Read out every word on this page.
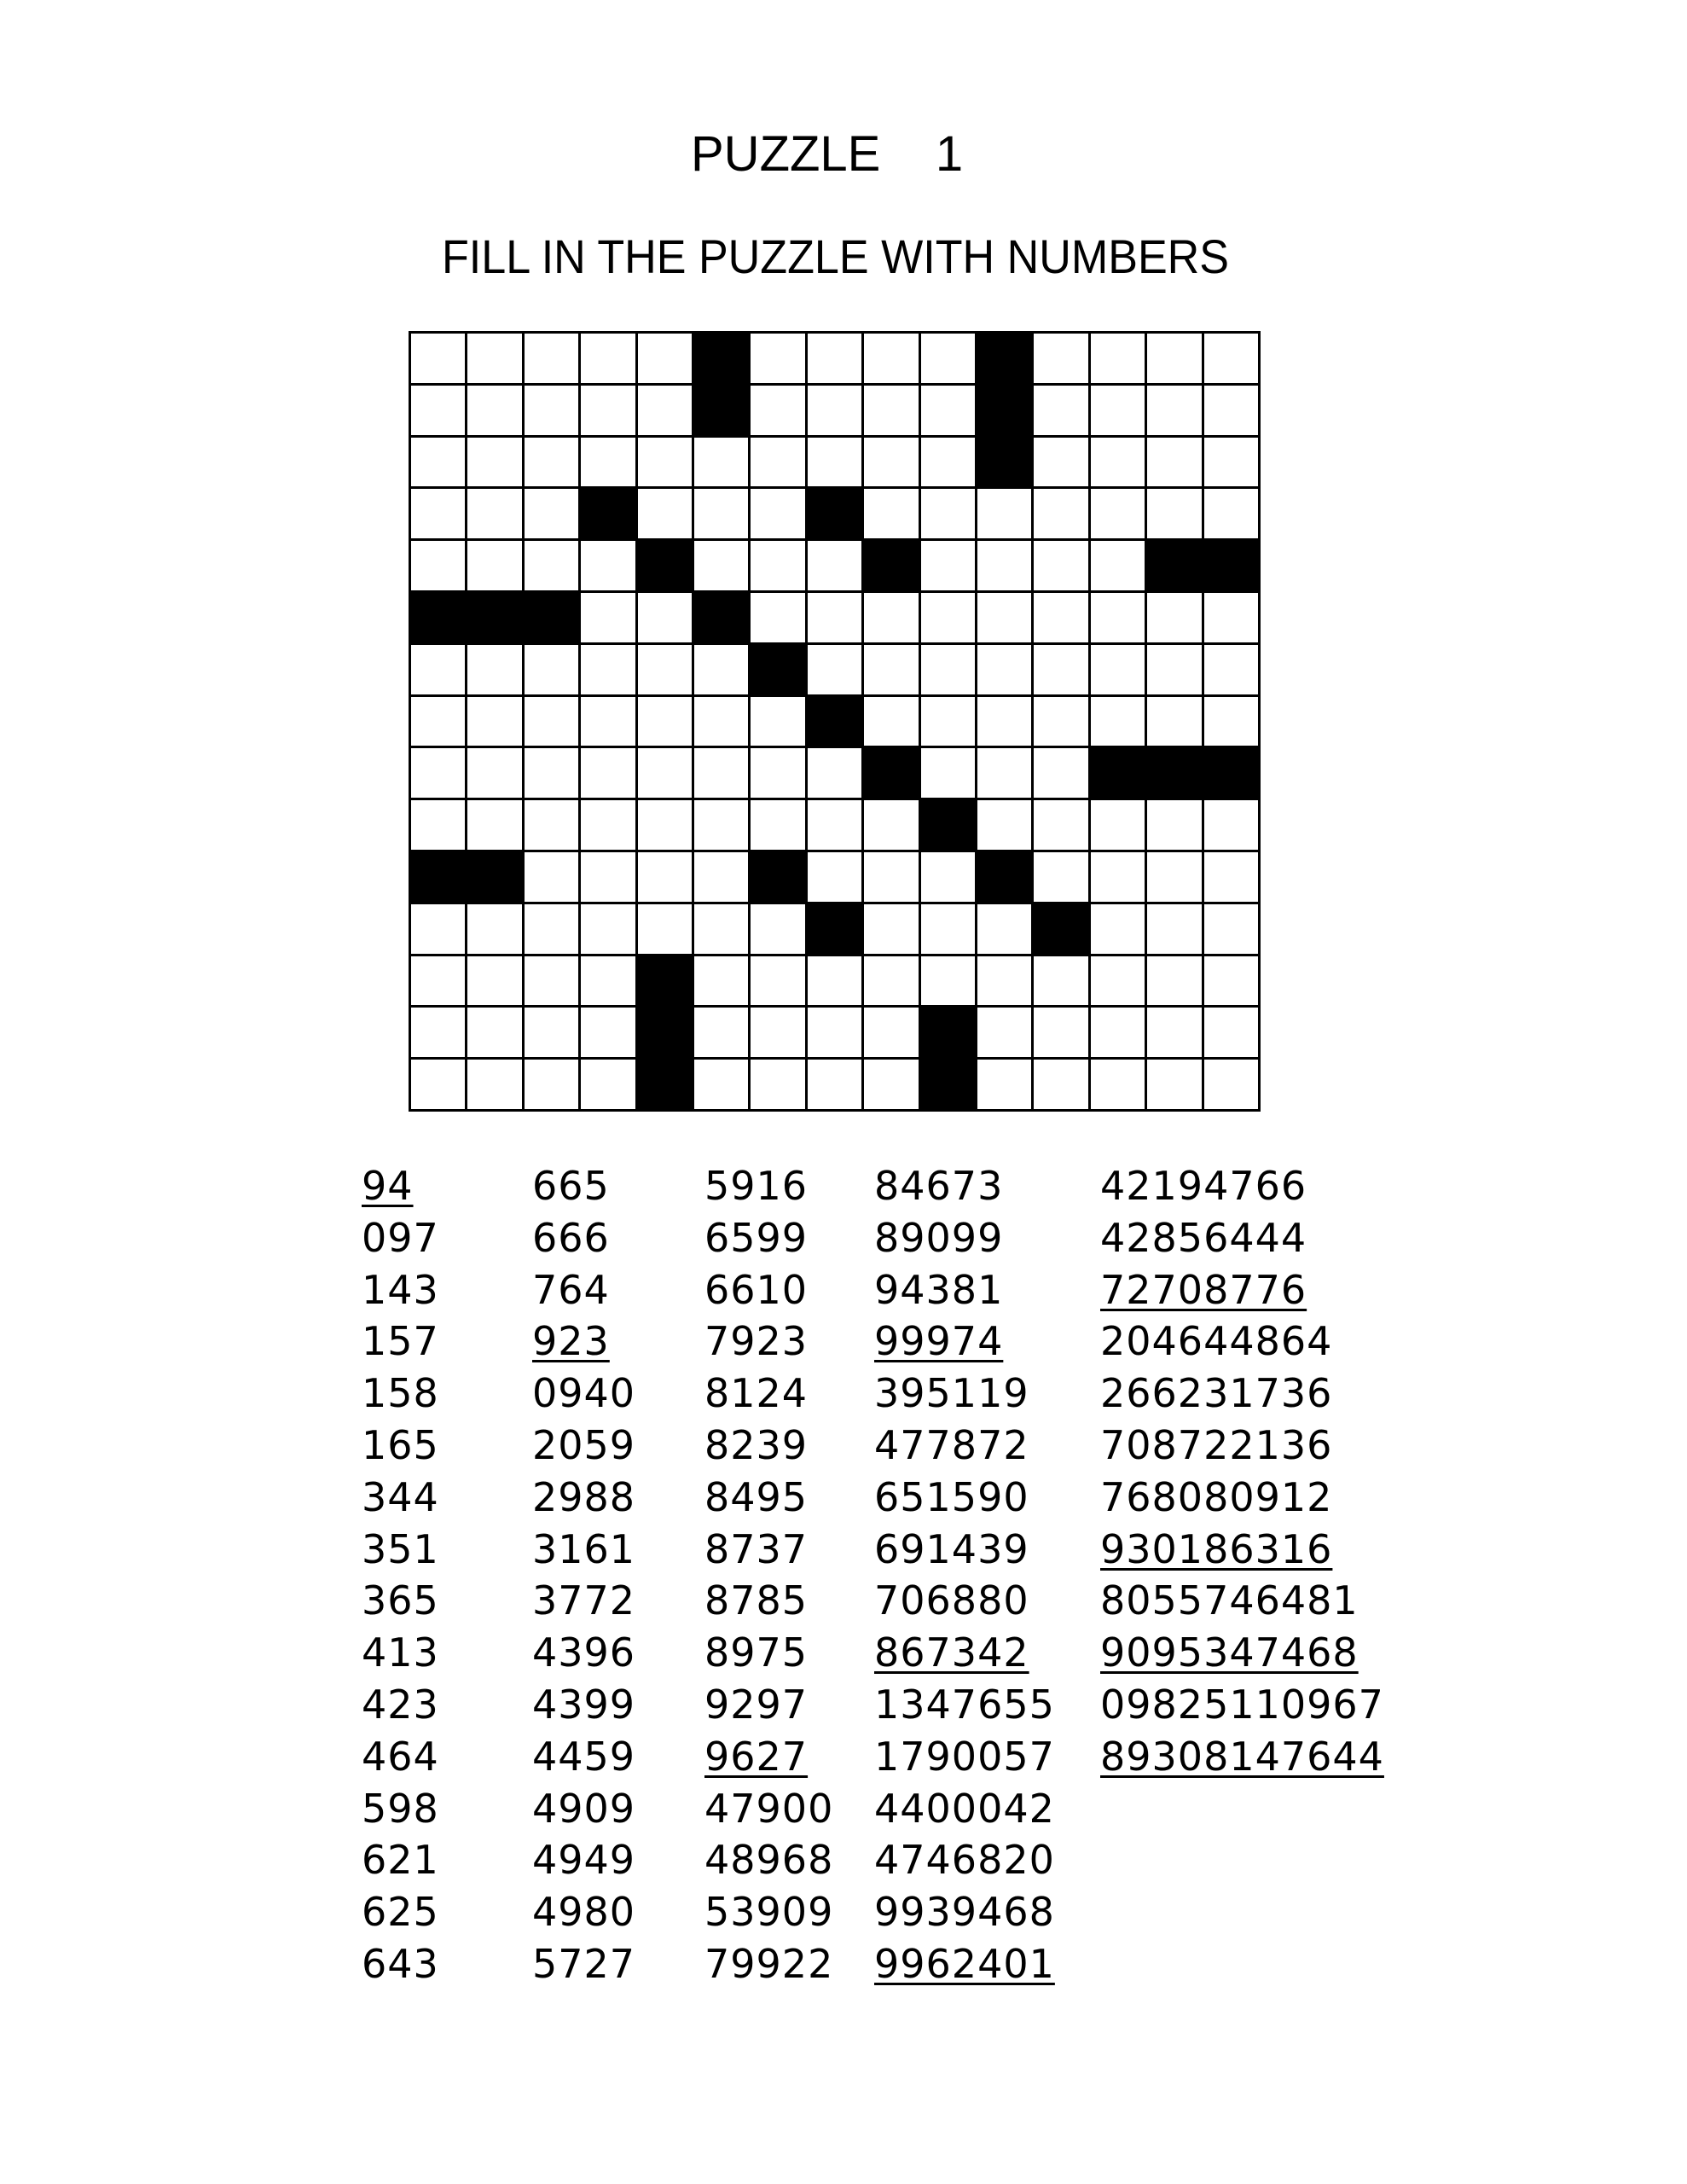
PUZZLE 1
FILL IN THE PUZZLE WITH NUMBERS
94
097
143
157
158
165
344
351
365
413
423
464
598
621
625
643
665
666
764
923
0940
2059
2988
3161
3772
4396
4399
4459
4909
4949
4980
5727
5916
6599
6610
7923
8124
8239
8495
8737
8785
8975
9297
9627
47900
48968
53909
79922
84673
89099
94381
99974
395119
477872
651590
691439
706880
867342
1347655
1790057
4400042
4746820
9939468
9962401
42194766
42856444
72708776
204644864
266231736
708722136
768080912
930186316
8055746481
9095347468
09825110967
89308147644
